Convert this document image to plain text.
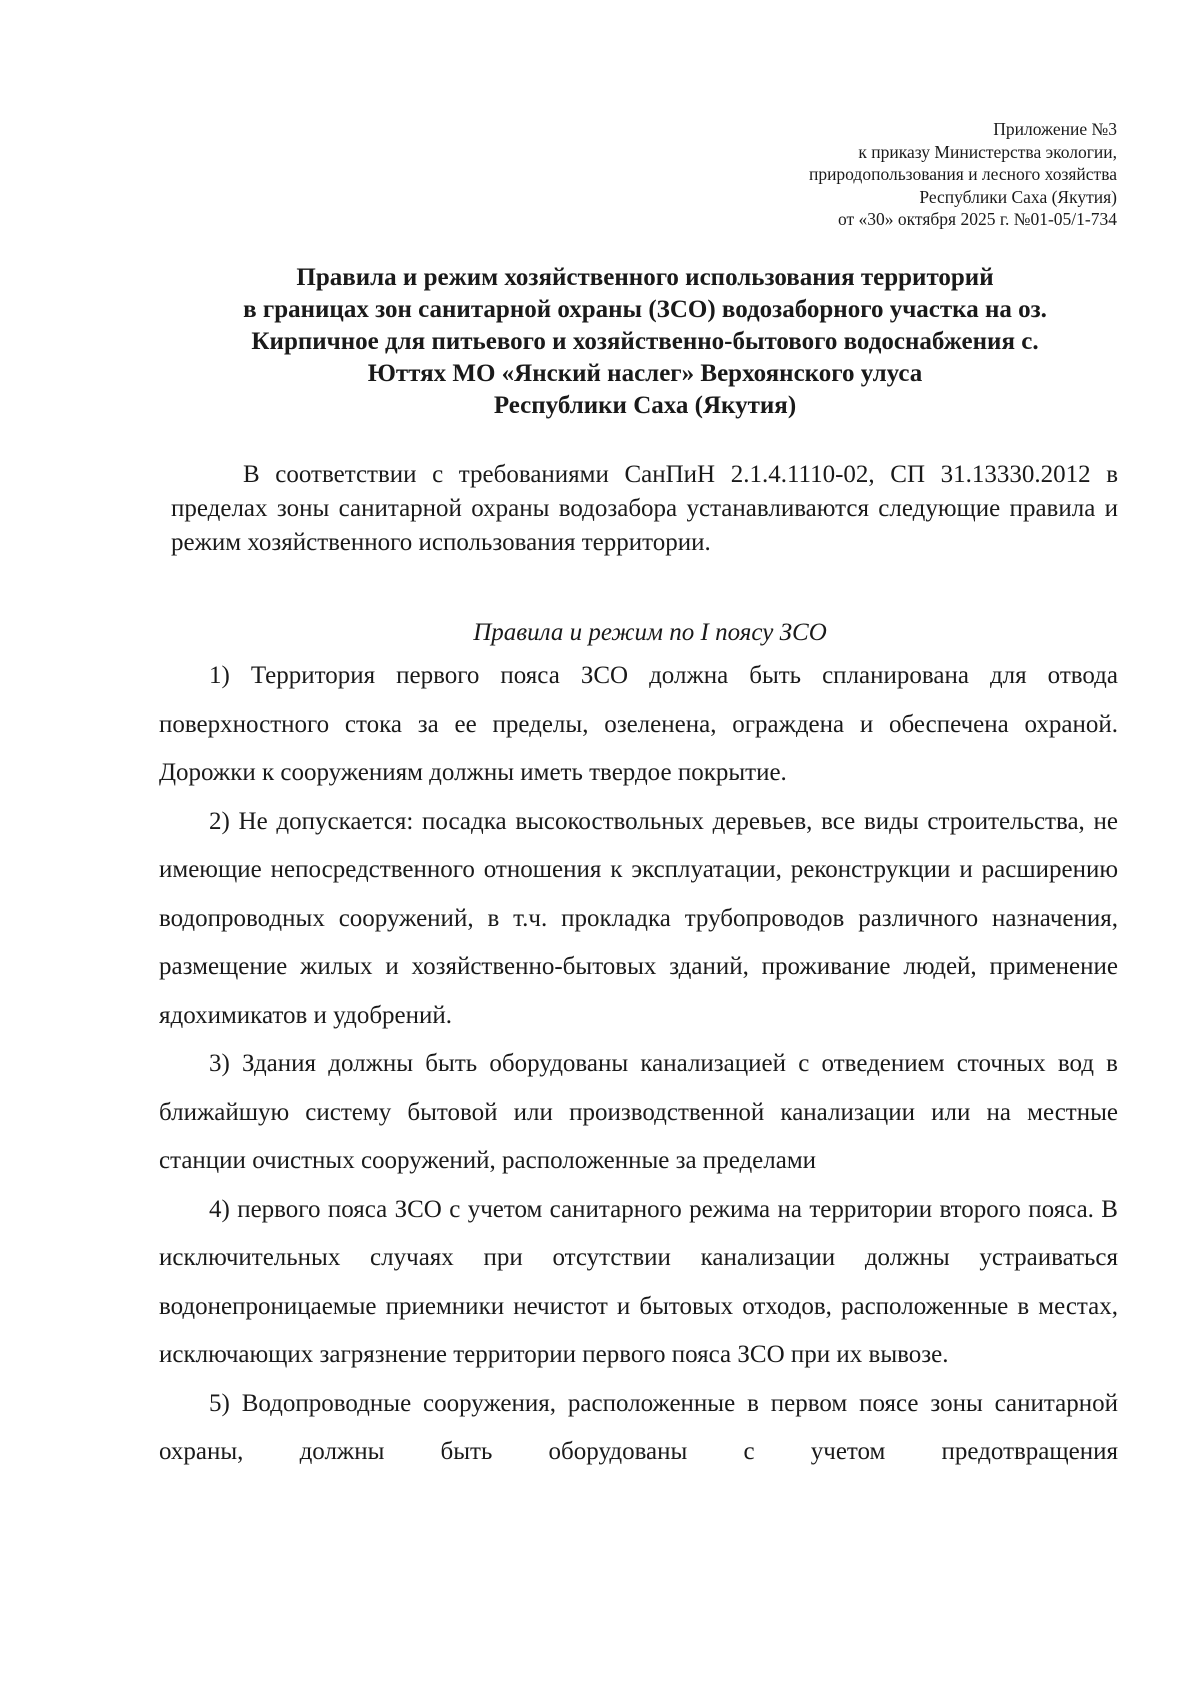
Приложение №3
к приказу Министерства экологии,
природопользования и лесного хозяйства
Республики Саха (Якутия)
от «30» октября 2025 г. №01-05/1-734
Правила и режим хозяйственного использования территорий
в границах зон санитарной охраны (ЗСО) водозаборного участка на оз.
Кирпичное для питьевого и хозяйственно-бытового водоснабжения с.
Юттях МО «Янский наслег» Верхоянского улуса
Республики Саха (Якутия)

В соответствии с требованиями СанПиН 2.1.4.1110-02, СП 31.13330.2012 в пределах зоны санитарной охраны водозабора устанавливаются следующие правила и режим хозяйственного использования территории.

Правила и режим по I поясу ЗСО

1) Территория первого пояса ЗСО должна быть спланирована для отвода поверхностного стока за ее пределы, озеленена, ограждена и обеспечена охраной. Дорожки к сооружениям должны иметь твердое покрытие.

2) Не допускается: посадка высокоствольных деревьев, все виды строительства, не имеющие непосредственного отношения к эксплуатации, реконструкции и расширению водопроводных сооружений, в т.ч. прокладка трубопроводов различного назначения, размещение жилых и хозяйственно-бытовых зданий, проживание людей, применение ядохимикатов и удобрений.

3) Здания должны быть оборудованы канализацией с отведением сточных вод в ближайшую систему бытовой или производственной канализации или на местные станции очистных сооружений, расположенные за пределами

4) первого пояса ЗСО с учетом санитарного режима на территории второго пояса. В исключительных случаях при отсутствии канализации должны устраиваться водонепроницаемые приемники нечистот и бытовых отходов, расположенные в местах, исключающих загрязнение территории первого пояса ЗСО при их вывозе.

5) Водопроводные сооружения, расположенные в первом поясе зоны санитарной охраны, должны быть оборудованы с учетом предотвращения
